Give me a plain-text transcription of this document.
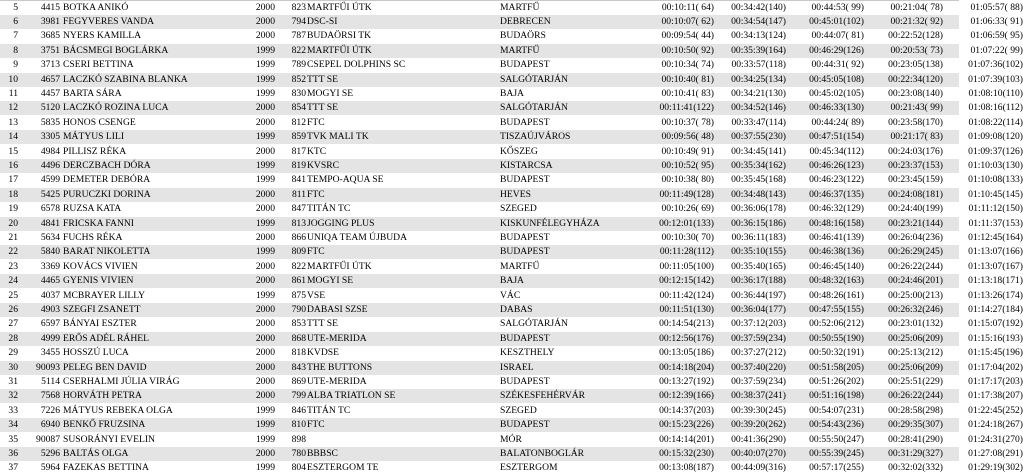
5	4415 BOTKA ANIKÓ	2000	823 MARTFŰI ÚTK	MARTFŰ	00:10:11( 64)	00:34:42(140)	00:44:53( 99)	00:21:04( 78)	01:05:57( 88)
6	3981 FEGYVERES VANDA	2000	794 DSC-SI	DEBRECEN	00:10:07( 62)	00:34:54(147)	00:45:01(102)	00:21:32( 92)	01:06:33( 91)
7	3685 NYERS KAMILLA	2000	787 BUDAÖRSI TK	BUDAÖRS	00:09:54( 44)	00:34:13(124)	00:44:07( 81)	00:22:52(128)	01:06:59( 95)
8	3751 BÁCSMEGI BOGLÁRKA	1999	822 MARTFŰI ÚTK	MARTFŰ	00:10:50( 92)	00:35:39(164)	00:46:29(126)	00:20:53( 73)	01:07:22( 99)
9	3713 CSERI BETTINA	1999	789 CSEPEL DOLPHINS SC	BUDAPEST	00:10:34( 74)	00:33:57(118)	00:44:31( 92)	00:23:05(138)	01:07:36(102)
10	4657 LACZKÓ SZABINA BLANKA	1999	852 TTT SE	SALGÓTARJÁN	00:10:40( 81)	00:34:25(134)	00:45:05(108)	00:22:34(120)	01:07:39(103)
11	4457 BARTA SÁRA	1999	830 MOGYI SE	BAJA	00:10:41( 83)	00:34:21(130)	00:45:02(105)	00:23:08(140)	01:08:10(110)
12	5120 LACZKÓ ROZINA LUCA	2000	854 TTT SE	SALGÓTARJÁN	00:11:41(122)	00:34:52(146)	00:46:33(130)	00:21:43( 99)	01:08:16(112)
13	5835 HONOS CSENGE	2000	812 FTC	BUDAPEST	00:10:37( 78)	00:33:47(114)	00:44:24( 89)	00:23:58(170)	01:08:22(114)
14	3305 MÁTYUS LILI	1999	859 TVK MALI TK	TISZAÚJVÁROS	00:09:56( 48)	00:37:55(230)	00:47:51(154)	00:21:17( 83)	01:09:08(120)
15	4984 PILLISZ RÉKA	2000	817 KTC	KŐSZEG	00:10:49( 91)	00:34:45(141)	00:45:34(112)	00:24:03(176)	01:09:37(126)
16	4496 DERCZBACH DÓRA	1999	819 KVSRC	KISTARCSA	00:10:52( 95)	00:35:34(162)	00:46:26(123)	00:23:37(153)	01:10:03(130)
17	4599 DEMETER DEBÓRA	1999	841 TEMPO-AQUA SE	BUDAPEST	00:10:38( 80)	00:35:45(168)	00:46:23(122)	00:23:45(159)	01:10:08(133)
18	5425 PURUCZKI DORINA	2000	811 FTC	HEVES	00:11:49(128)	00:34:48(143)	00:46:37(135)	00:24:08(181)	01:10:45(145)
19	6578 RUZSA KATA	2000	847 TITÁN TC	SZEGED	00:10:26( 69)	00:36:06(178)	00:46:32(129)	00:24:40(199)	01:11:12(150)
20	4841 FRICSKA FANNI	1999	813 JOGGING PLUS	KISKUNFÉLEGYHÁZA	00:12:01(133)	00:36:15(186)	00:48:16(158)	00:23:21(144)	01:11:37(153)
21	5634 FUCHS RÉKA	2000	866 UNIQA TEAM ÚJBUDA	BUDAPEST	00:10:30( 70)	00:36:11(183)	00:46:41(139)	00:26:04(236)	01:12:45(164)
22	5840 BARAT NIKOLETTA	1999	809 FTC	BUDAPEST	00:11:28(112)	00:35:10(155)	00:46:38(136)	00:26:29(245)	01:13:07(166)
23	3369 KOVÁCS VIVIEN	2000	822 MARTFŰI ÚTK	MARTFŰ	00:11:05(100)	00:35:40(165)	00:46:45(140)	00:26:22(244)	01:13:07(167)
24	4465 GYENIS VIVIEN	2000	861 MOGYI SE	BAJA	00:12:15(142)	00:36:17(188)	00:48:32(163)	00:24:46(201)	01:13:18(171)
25	4037 MCBRAYER LILLY	1999	875 VSE	VÁC	00:11:42(124)	00:36:44(197)	00:48:26(161)	00:25:00(213)	01:13:26(174)
26	4903 SZEGFI ZSANETT	2000	790 DABASI SZSE	DABAS	00:11:51(130)	00:36:04(177)	00:47:55(155)	00:26:32(246)	01:14:27(184)
27	6597 BÁNYAI ESZTER	2000	853 TTT SE	SALGÓTARJÁN	00:14:54(213)	00:37:12(203)	00:52:06(212)	00:23:01(132)	01:15:07(192)
28	4999 ERŐS ADÉL RÁHEL	2000	868 UTE-MERIDA	BUDAPEST	00:12:56(176)	00:37:59(234)	00:50:55(190)	00:25:06(209)	01:15:16(193)
29	3455 HOSSZÚ LUCA	2000	818 KVDSE	KESZTHELY	00:13:05(186)	00:37:27(212)	00:50:32(191)	00:25:13(212)	01:15:45(196)
30	90093 PELEG BEN DAVID	2000	843 THE BUTTONS	ISRAEL	00:14:18(204)	00:37:40(220)	00:51:58(205)	00:25:06(209)	01:17:04(202)
31	5114 CSERHALMI JÚLIA VIRÁG	2000	869 UTE-MERIDA	BUDAPEST	00:13:27(192)	00:37:59(234)	00:51:26(202)	00:25:51(229)	01:17:17(203)
32	7568 HORVÁTH PETRA	2000	799 ALBA TRIATLON SE	SZÉKESFEHÉRVÁR	00:12:39(166)	00:38:37(241)	00:51:16(198)	00:26:22(244)	01:17:38(207)
33	7226 MÁTYUS REBEKA OLGA	1999	846 TITÁN TC	SZEGED	00:14:37(203)	00:39:30(245)	00:54:07(231)	00:28:58(298)	01:22:45(252)
34	6940 BENKŐ FRUZSINA	1999	810 FTC	BUDAPEST	00:15:23(226)	00:39:20(262)	00:54:43(236)	00:29:35(307)	01:24:18(267)
35	90087 SUSORÁNYI EVELIN	1999	898	MÓR	00:14:14(201)	00:41:36(290)	00:55:50(247)	00:28:41(290)	01:24:31(270)
36	5296 BALTÁS OLGA	2000	780 BBBSC	BALATONBOGLÁR	00:15:32(230)	00:40:07(270)	00:55:39(245)	00:31:29(327)	01:27:08(291)
37	5964 FAZEKAS BETTINA	1999	804 ESZTERGOM TE	ESZTERGOM	00:13:08(187)	00:44:09(316)	00:57:17(255)	00:32:02(332)	01:29:19(302)
